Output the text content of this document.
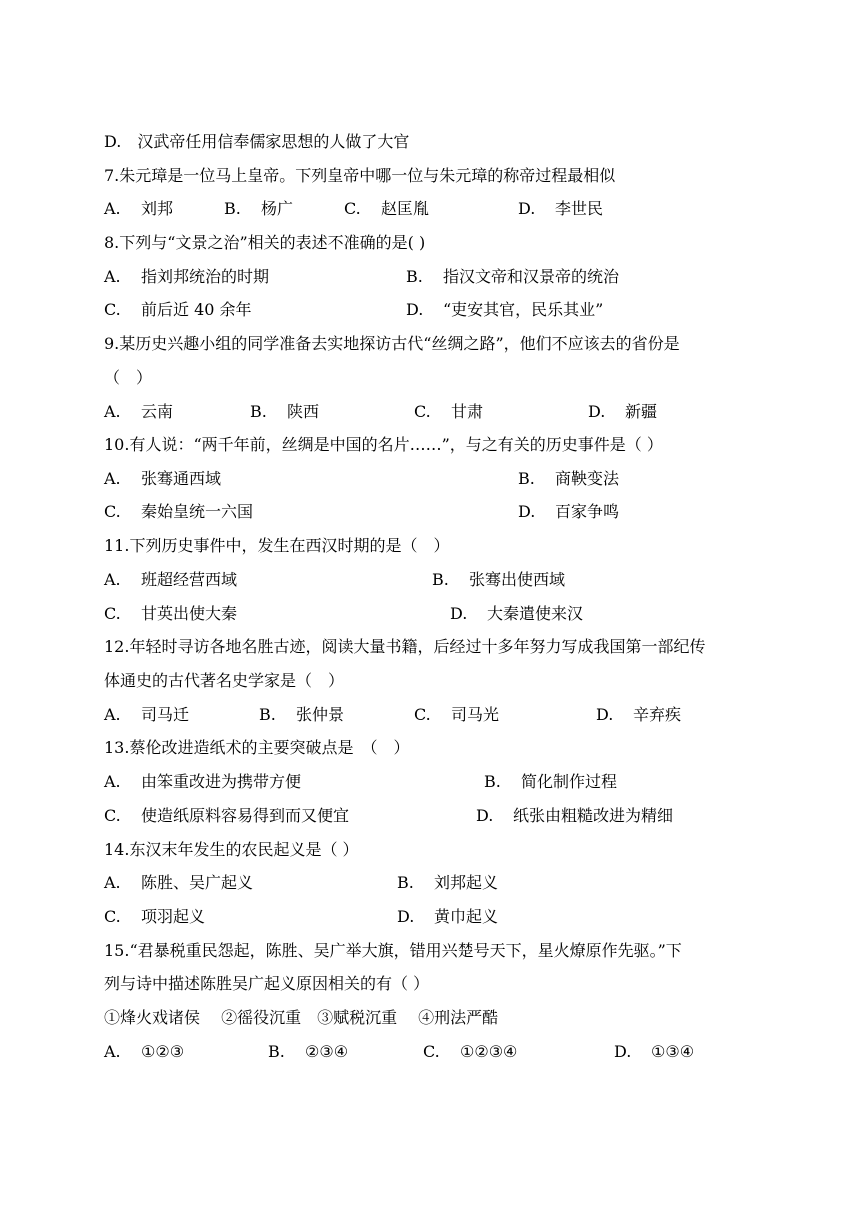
D.　汉武帝任用信奉儒家思想的人做了大官
7.朱元璋是一位马上皇帝。下列皇帝中哪一位与朱元璋的称帝过程最相似
A. 刘邦	B. 杨广	C. 赵匡胤	D. 李世民
8.下列与“文景之治”相关的表述不准确的是( )
A. 指刘邦统治的时期	B. 指汉文帝和汉景帝的统治
C. 前后近 40 余年	D. “吏安其官，民乐其业”
9.某历史兴趣小组的同学准备去实地探访古代“丝绸之路”，他们不应该去的省份是
（　）
A. 云南	B. 陕西	C. 甘肃	D. 新疆
10.有人说：“两千年前，丝绸是中国的名片……”，与之有关的历史事件是（ ）
A. 张骞通西域	B. 商鞅变法
C. 秦始皇统一六国	D. 百家争鸣
11.下列历史事件中，发生在西汉时期的是（　）
A. 班超经营西域	B. 张骞出使西域
C. 甘英出使大秦	D. 大秦遣使来汉
12.年轻时寻访各地名胜古迹，阅读大量书籍，后经过十多年努力写成我国第一部纪传
体通史的古代著名史学家是（　）
A. 司马迁	B. 张仲景	C. 司马光	D. 辛弃疾
13.蔡伦改进造纸术的主要突破点是　（　）
A. 由笨重改进为携带方便	B. 简化制作过程
C. 使造纸原料容易得到而又便宜	D. 纸张由粗糙改进为精细
14.东汉末年发生的农民起义是（ ）
A. 陈胜、吴广起义	B. 刘邦起义
C. 项羽起义	D. 黄巾起义
15.“君暴税重民怨起，陈胜、吴广举大旗，错用兴楚号天下，星火燎原作先驱。”下
列与诗中描述陈胜吴广起义原因相关的有（ ）
①烽火戏诸侯　 ②徭役沉重　③赋税沉重　 ④刑法严酷
A. ①②③	B. ②③④	C. ①②③④	D. ①③④
